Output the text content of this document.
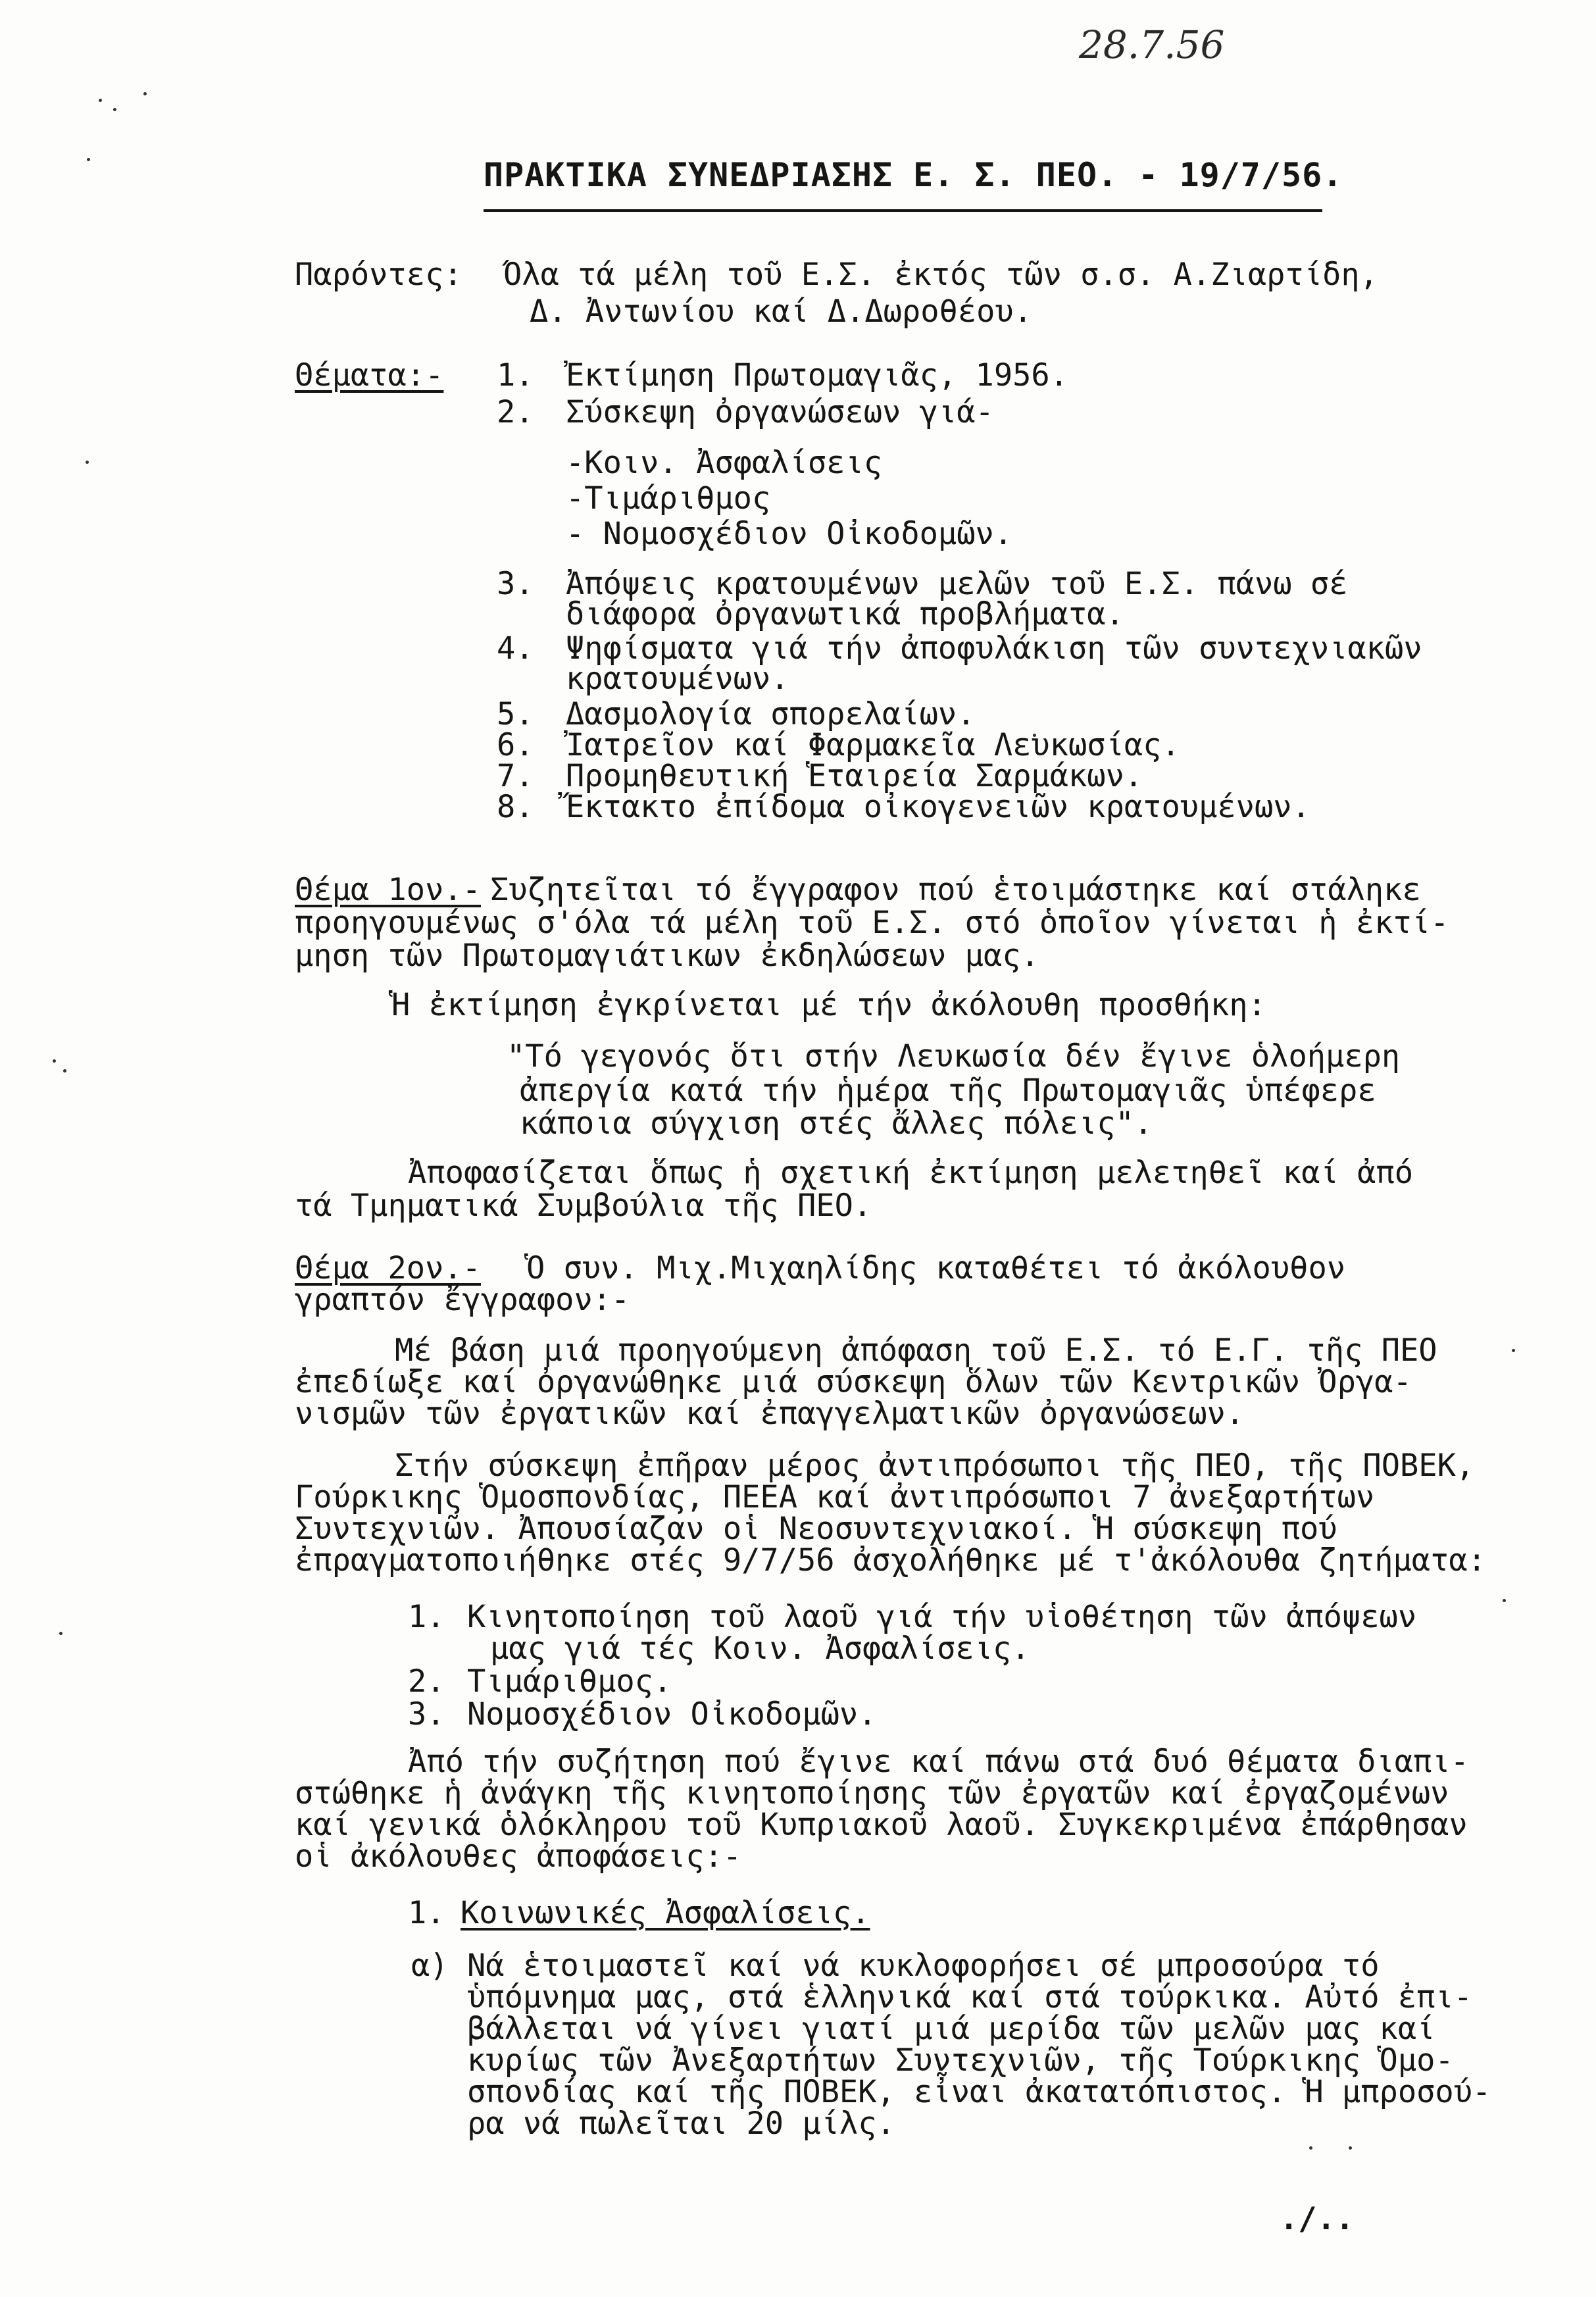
28.7.56
ΠΡΑΚΤΙΚΑ ΣΥΝΕΔΡΙΑΣΗΣ Ε. Σ. ΠΕΟ. - 19/7/56.
Παρόντες: Όλα τά μέλη τοῦ Ε.Σ. ἐκτός τῶν σ.σ. Α.Ζιαρτίδη,
Δ. Ἀντωνίου καί Δ.Δωροθέου.
Θέματα:- 1. Ἐκτίμηση Πρωτομαγιᾶς, 1956.
2. Σύσκεψη ὀργανώσεων γιά-
-Κοιν. Ἀσφαλίσεις
-Τιμάριθμος
- Νομοσχέδιον Οἰκοδομῶν.
3. Ἀπόψεις κρατουμένων μελῶν τοῦ Ε.Σ. πάνω σέ
διάφορα ὀργανωτικά προβλήματα.
4. Ψηφίσματα γιά τήν ἀποφυλάκιση τῶν συντεχνιακῶν
κρατουμένων.
5. Δασμολογία σπορελαίων.
6. Ἰατρεῖον καί Φαρμακεῖα Λευκωσίας.
7. Προμηθευτική Ἑταιρεία Σαρμάκων.
8. Ἔκτακτο ἐπίδομα οἰκογενειῶν κρατουμένων.
Θέμα 1ον.- Συζητεῖται τό ἔγγραφον πού ἑτοιμάστηκε καί στάληκε
προηγουμένως σ'όλα τά μέλη τοῦ Ε.Σ. στό ὁποῖον γίνεται ἡ ἐκτί-
μηση τῶν Πρωτομαγιάτικων ἐκδηλώσεων μας.
Ἡ ἐκτίμηση ἐγκρίνεται μέ τήν ἀκόλουθη προσθήκη:
"Τό γεγονός ὅτι στήν Λευκωσία δέν ἔγινε ὁλοήμερη
ἀπεργία κατά τήν ἡμέρα τῆς Πρωτομαγιᾶς ὑπέφερε
κάποια σύγχιση στές ἄλλες πόλεις".
Ἀποφασίζεται ὅπως ἡ σχετική ἐκτίμηση μελετηθεῖ καί ἀπό
τά Τμηματικά Συμβούλια τῆς ΠΕΟ.
Θέμα 2ον.- Ὁ συν. Μιχ.Μιχαηλίδης καταθέτει τό ἀκόλουθον
γραπτόν ἔγγραφον:-
Μέ βάση μιά προηγούμενη ἀπόφαση τοῦ Ε.Σ. τό Ε.Γ. τῆς ΠΕΟ
ἐπεδίωξε καί ὀργανώθηκε μιά σύσκεψη ὅλων τῶν Κεντρικῶν Ὀργα-
νισμῶν τῶν ἐργατικῶν καί ἐπαγγελματικῶν ὀργανώσεων.
Στήν σύσκεψη ἐπῆραν μέρος ἀντιπρόσωποι τῆς ΠΕΟ, τῆς ΠΟΒΕΚ,
Γούρκικης Ὁμοσπονδίας, ΠΕΕΑ καί ἀντιπρόσωποι 7 ἀνεξαρτήτων
Συντεχνιῶν. Ἀπουσίαζαν οἱ Νεοσυντεχνιακοί. Ἡ σύσκεψη πού
ἐπραγματοποιήθηκε στές 9/7/56 ἀσχολήθηκε μέ τ'ἀκόλουθα ζητήματα:
1. Κινητοποίηση τοῦ λαοῦ γιά τήν υἱοθέτηση τῶν ἀπόψεων
μας γιά τές Κοιν. Ἀσφαλίσεις.
2. Τιμάριθμος.
3. Νομοσχέδιον Οἰκοδομῶν.
Ἀπό τήν συζήτηση πού ἔγινε καί πάνω στά δυό θέματα διαπι-
στώθηκε ἡ ἀνάγκη τῆς κινητοποίησης τῶν ἐργατῶν καί ἐργαζομένων
καί γενικά ὁλόκληρου τοῦ Κυπριακοῦ λαοῦ. Συγκεκριμένα ἐπάρθησαν
οἱ ἀκόλουθες ἀποφάσεις:-
1. Κοινωνικές Ἀσφαλίσεις.
α) Νά ἑτοιμαστεῖ καί νά κυκλοφορήσει σέ μπροσούρα τό
ὑπόμνημα μας, στά ἑλληνικά καί στά τούρκικα. Αὐτό ἐπι-
βάλλεται νά γίνει γιατί μιά μερίδα τῶν μελῶν μας καί
κυρίως τῶν Ἀνεξαρτήτων Συντεχνιῶν, τῆς Τούρκικης Ὁμο-
σπονδίας καί τῆς ΠΟΒΕΚ, εἶναι ἀκατατόπιστος. Ἡ μπροσού-
ρα νά πωλεῖται 20 μίλς.
./..
